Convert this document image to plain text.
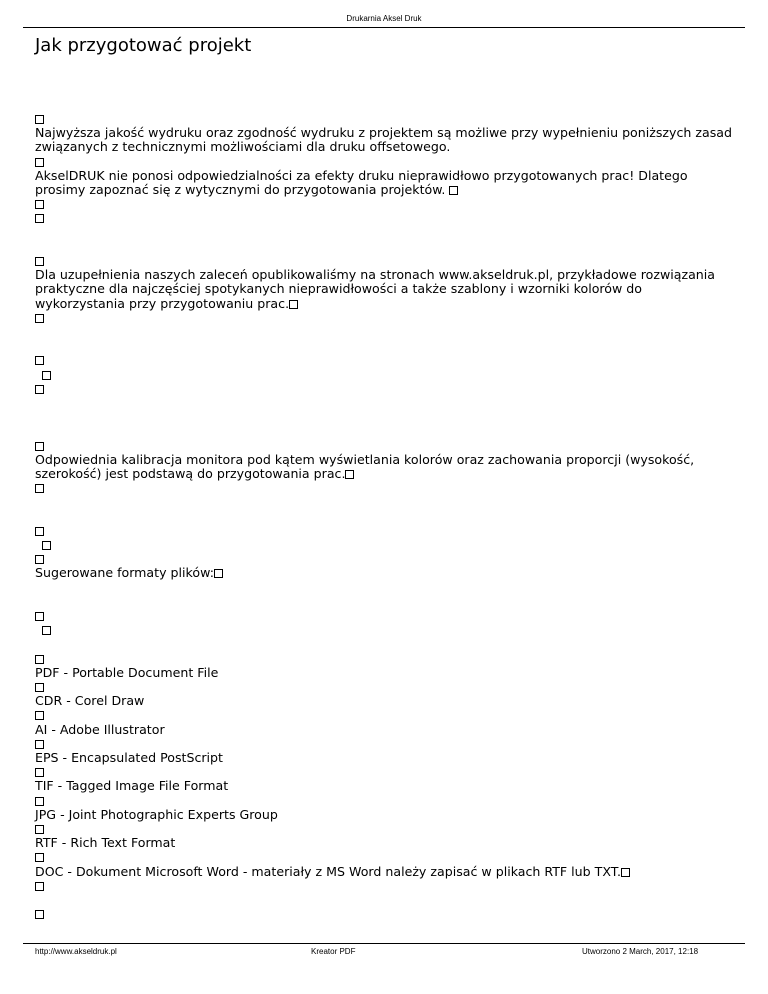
Drukarnia Aksel Druk
Jak przygotować projekt
Najwyższa jakość wydruku oraz zgodność wydruku z projektem są możliwe przy wypełnieniu poniższych zasad związanych z technicznymi możliwościami dla druku offsetowego.
AkselDRUK nie ponosi odpowiedzialności za efekty druku nieprawidłowo przygotowanych prac! Dlatego prosimy zapoznać się z wytycznymi do przygotowania projektów.
Dla uzupełnienia naszych zaleceń opublikowaliśmy na stronach www.akseldruk.pl, przykładowe rozwiązania praktyczne dla najczęściej spotykanych nieprawidłowości a także szablony i wzorniki kolorów do wykorzystania przy przygotowaniu prac.
Odpowiednia kalibracja monitora pod kątem wyświetlania kolorów oraz zachowania proporcji (wysokość, szerokość) jest podstawą do przygotowania prac.
Sugerowane formaty plików:
PDF - Portable Document File
CDR - Corel Draw
AI - Adobe Illustrator
EPS - Encapsulated PostScript
TIF - Tagged Image File Format
JPG - Joint Photographic Experts Group
RTF - Rich Text Format
DOC - Dokument Microsoft Word - materiały z MS Word należy zapisać w plikach RTF lub TXT.
http://www.akseldruk.pl	Kreator PDF	Utworzono 2 March, 2017, 12:18
